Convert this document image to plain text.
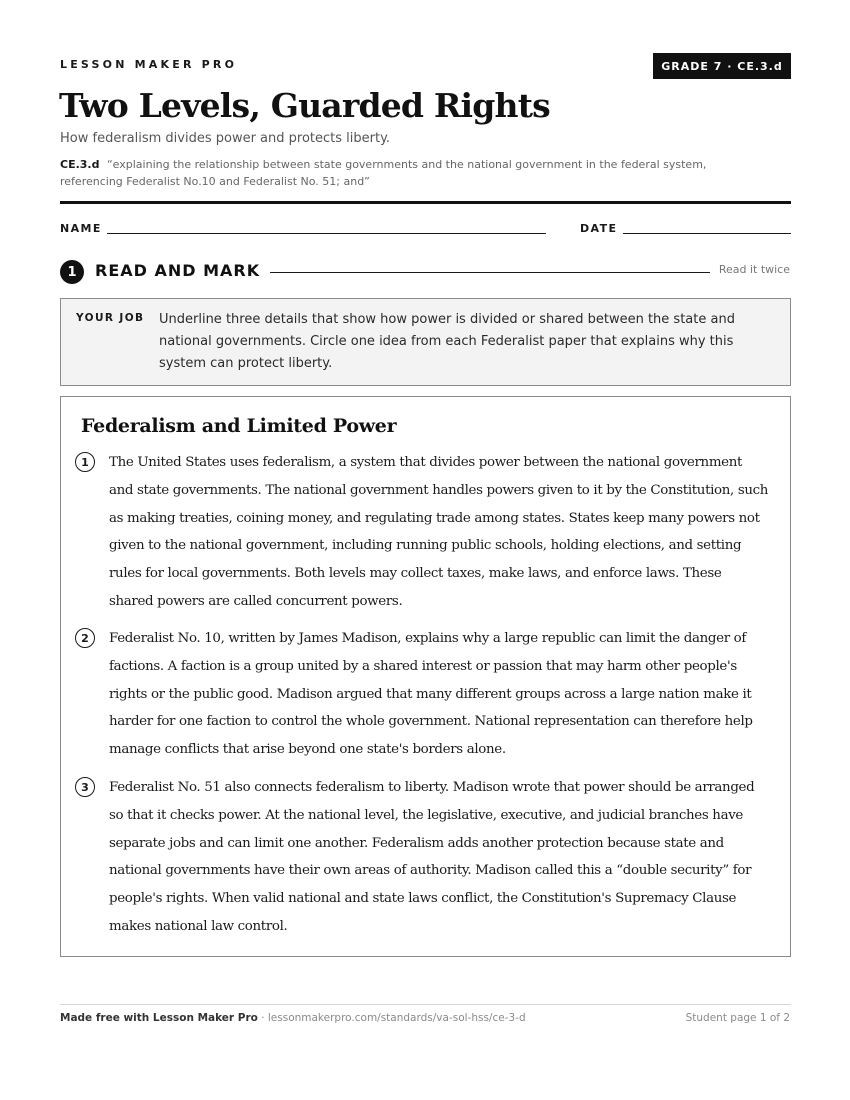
LESSON MAKER PRO	GRADE 7 · CE.3.d
Two Levels, Guarded Rights
How federalism divides power and protects liberty.
CE.3.d “explaining the relationship between state governments and the national government in the federal system, referencing Federalist No.10 and Federalist No. 51; and”
NAME	DATE
1	READ AND MARK	Read it twice
YOUR JOB Underline three details that show how power is divided or shared between the state and national governments. Circle one idea from each Federalist paper that explains why this system can protect liberty.
Federalism and Limited Power
1	The United States uses federalism, a system that divides power between the national government and state governments. The national government handles powers given to it by the Constitution, such as making treaties, coining money, and regulating trade among states. States keep many powers not given to the national government, including running public schools, holding elections, and setting rules for local governments. Both levels may collect taxes, make laws, and enforce laws. These shared powers are called concurrent powers.
2	Federalist No. 10, written by James Madison, explains why a large republic can limit the danger of factions. A faction is a group united by a shared interest or passion that may harm other people's rights or the public good. Madison argued that many different groups across a large nation make it harder for one faction to control the whole government. National representation can therefore help manage conflicts that arise beyond one state's borders alone.
3	Federalist No. 51 also connects federalism to liberty. Madison wrote that power should be arranged so that it checks power. At the national level, the legislative, executive, and judicial branches have separate jobs and can limit one another. Federalism adds another protection because state and national governments have their own areas of authority. Madison called this a “double security” for people's rights. When valid national and state laws conflict, the Constitution's Supremacy Clause makes national law control.
Made free with Lesson Maker Pro · lessonmakerpro.com/standards/va-sol-hss/ce-3-d	Student page 1 of 2
